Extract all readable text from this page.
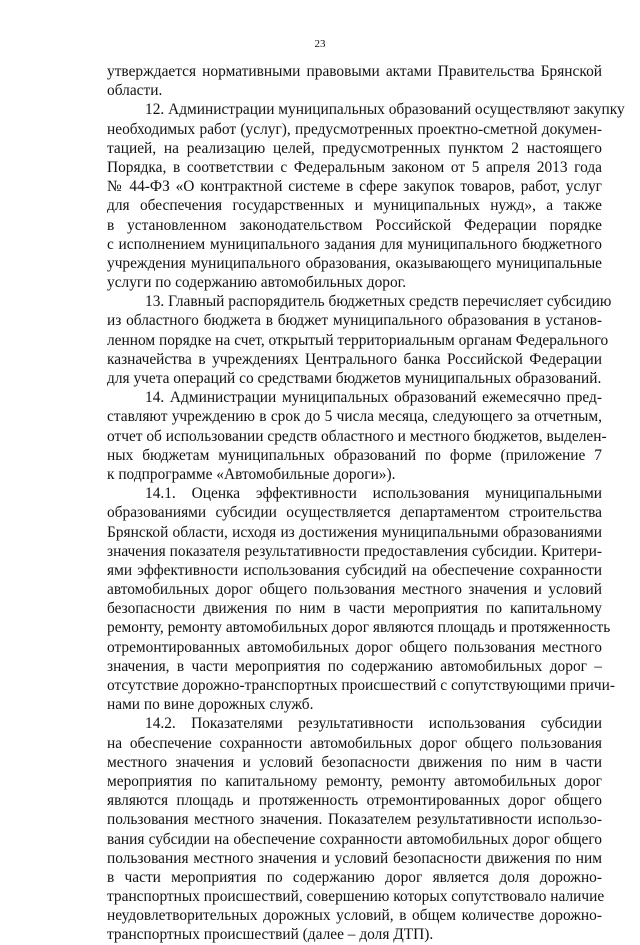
23
утверждается нормативными правовыми актами Правительства Брянской
области.
12. Администрации муниципальных образований осуществляют закупку
необходимых работ (услуг), предусмотренных проектно-сметной докумен-
тацией, на реализацию целей, предусмотренных пунктом 2 настоящего
Порядка, в соответствии с Федеральным законом от 5 апреля 2013 года
№ 44-ФЗ «О контрактной системе в сфере закупок товаров, работ, услуг
для обеспечения государственных и муниципальных нужд», а также
в установленном законодательством Российской Федерации порядке
с исполнением муниципального задания для муниципального бюджетного
учреждения муниципального образования, оказывающего муниципальные
услуги по содержанию автомобильных дорог.
13. Главный распорядитель бюджетных средств перечисляет субсидию
из областного бюджета в бюджет муниципального образования в установ-
ленном порядке на счет, открытый территориальным органам Федерального
казначейства в учреждениях Центрального банка Российской Федерации
для учета операций со средствами бюджетов муниципальных образований.
14. Администрации муниципальных образований ежемесячно пред-
ставляют учреждению в срок до 5 числа месяца, следующего за отчетным,
отчет об использовании средств областного и местного бюджетов, выделен-
ных бюджетам муниципальных образований по форме (приложение 7
к подпрограмме «Автомобильные дороги»).
14.1. Оценка эффективности использования муниципальными
образованиями субсидии осуществляется департаментом строительства
Брянской области, исходя из достижения муниципальными образованиями
значения показателя результативности предоставления субсидии. Критери-
ями эффективности использования субсидий на обеспечение сохранности
автомобильных дорог общего пользования местного значения и условий
безопасности движения по ним в части мероприятия по капитальному
ремонту, ремонту автомобильных дорог являются площадь и протяженность
отремонтированных автомобильных дорог общего пользования местного
значения, в части мероприятия по содержанию автомобильных дорог –
отсутствие дорожно-транспортных происшествий с сопутствующими причи-
нами по вине дорожных служб.
14.2. Показателями результативности использования субсидии
на обеспечение сохранности автомобильных дорог общего пользования
местного значения и условий безопасности движения по ним в части
мероприятия по капитальному ремонту, ремонту автомобильных дорог
являются площадь и протяженность отремонтированных дорог общего
пользования местного значения. Показателем результативности использо-
вания субсидии на обеспечение сохранности автомобильных дорог общего
пользования местного значения и условий безопасности движения по ним
в части мероприятия по содержанию дорог является доля дорожно-
транспортных происшествий, совершению которых сопутствовало наличие
неудовлетворительных дорожных условий, в общем количестве дорожно-
транспортных происшествий (далее – доля ДТП).
